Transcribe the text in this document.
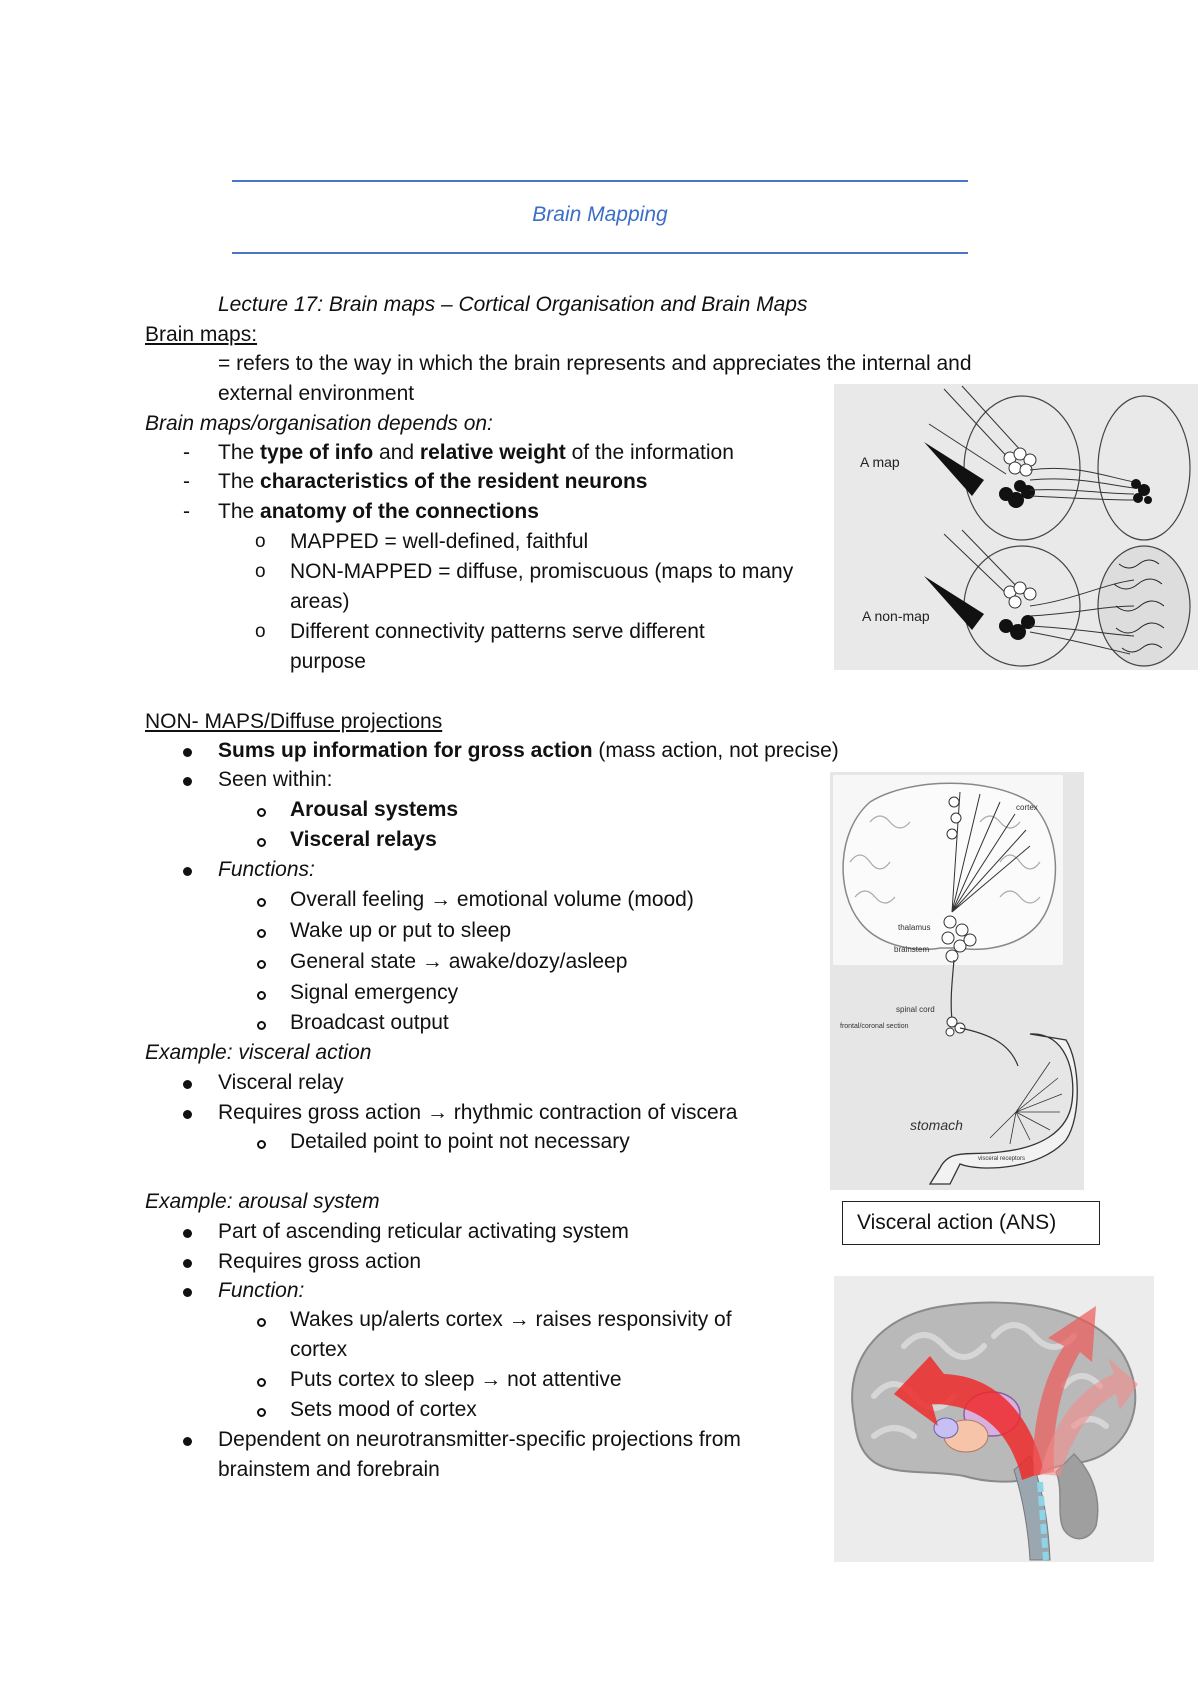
Brain Mapping
Lecture 17: Brain maps – Cortical Organisation and Brain Maps
Brain maps:
= refers to the way in which the brain represents and appreciates the internal and
external environment
Brain maps/organisation depends on:
- The type of info and relative weight of the information
- The characteristics of the resident neurons
- The anatomy of the connections
o MAPPED = well-defined, faithful
o NON-MAPPED = diffuse, promiscuous (maps to many
areas)
o Different connectivity patterns serve different
purpose
NON- MAPS/Diffuse projections
Sums up information for gross action (mass action, not precise)
Seen within:
Arousal systems
Visceral relays
Functions:
Overall feeling → emotional volume (mood)
Wake up or put to sleep
General state → awake/dozy/asleep
Signal emergency
Broadcast output
Example: visceral action
Visceral relay
Requires gross action → rhythmic contraction of viscera
Detailed point to point not necessary
Example: arousal system
Part of ascending reticular activating system
Requires gross action
Function:
Wakes up/alerts cortex → raises responsivity of
cortex
Puts cortex to sleep → not attentive
Sets mood of cortex
Dependent on neurotransmitter-specific projections from
brainstem and forebrain
A map
A non-map
cortex
thalamus
brainstem
spinal cord
frontal/coronal section
stomach
visceral receptors
Visceral action (ANS)
